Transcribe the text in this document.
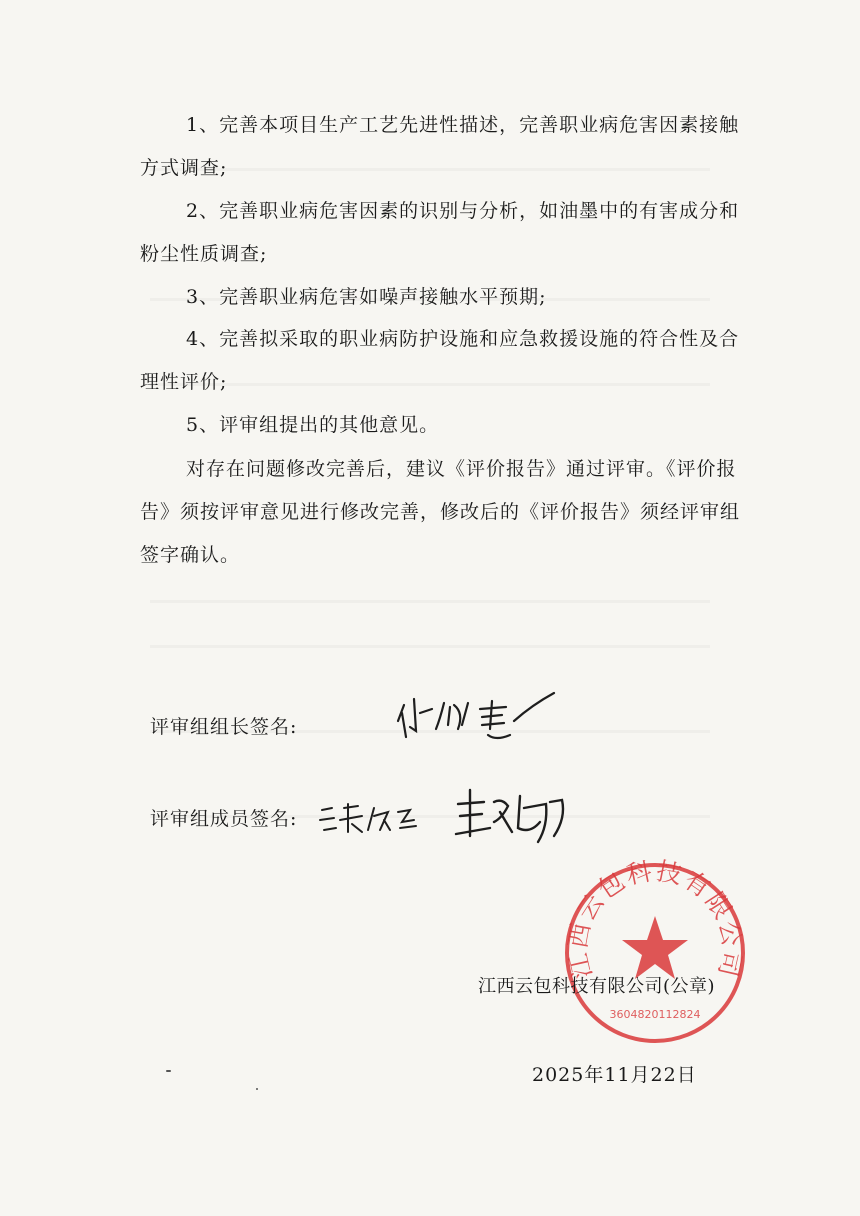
1、完善本项目生产工艺先进性描述，完善职业病危害因素接触方式调查;

2、完善职业病危害因素的识别与分析，如油墨中的有害成分和粉尘性质调查;

3、完善职业病危害如噪声接触水平预期;

4、完善拟采取的职业病防护设施和应急救援设施的符合性及合理性评价;

5、评审组提出的其他意见。

对存在问题修改完善后，建议《评价报告》通过评审。《评价报告》须按评审意见进行修改完善，修改后的《评价报告》须经评审组签字确认。

评审组组长签名:
评审组成员签名:
江西云包科技有限公司
3604820112824
江西云包科技有限公司(公章)
2025年11月22日
